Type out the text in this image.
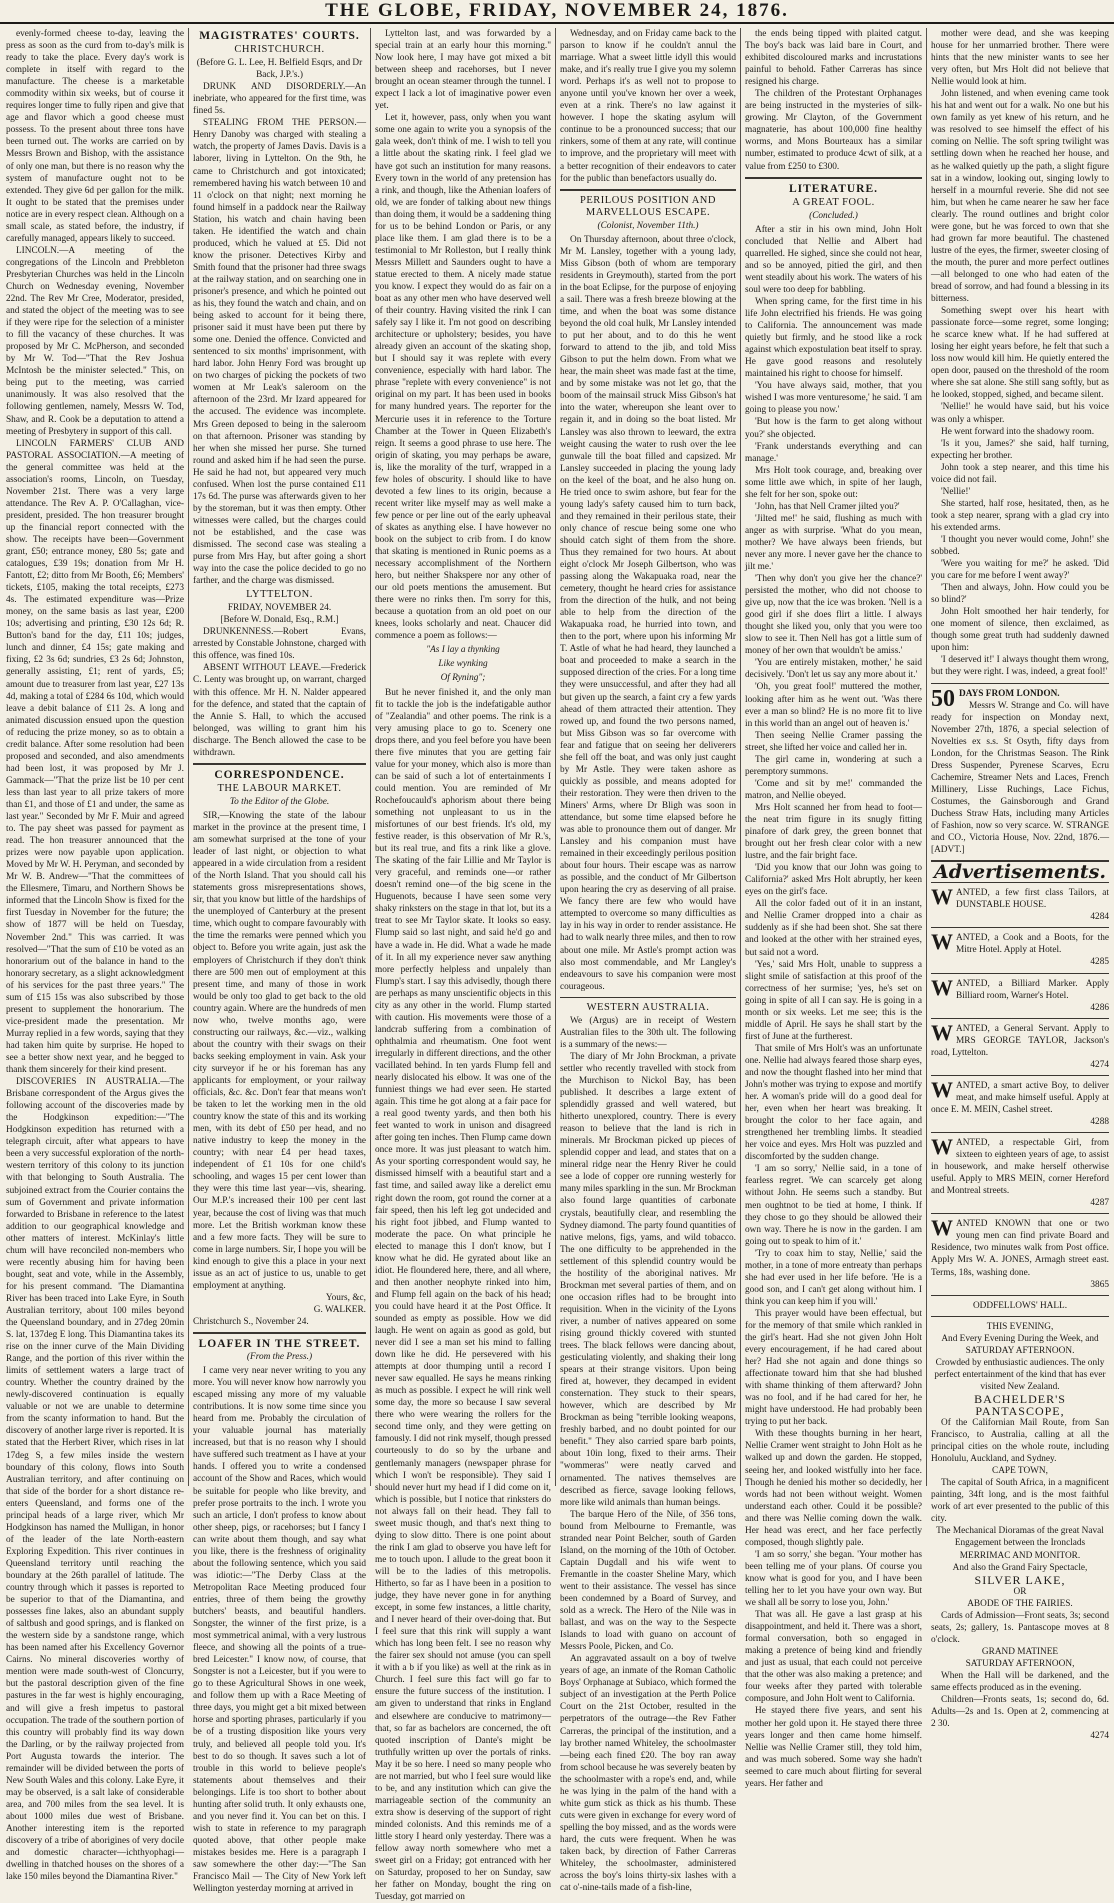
THE GLOBE, FRIDAY, NOVEMBER 24, 1876.

evenly-formed cheese to-day, leaving the press as soon as the curd from to-day's milk is ready to take the place. Every day's work is complete in itself with regard to the manufacture. The cheese is a marketable commodity within six weeks, but of course it requires longer time to fully ripen and give that age and flavor which a good cheese must possess. To the present about three tons have been turned out. The works are carried on by Messrs Brown and Bishop, with the assistance of only one man, but there is no reason why the system of manufacture ought not to be extended. They give 6d per gallon for the milk. It ought to be stated that the premises under notice are in every respect clean. Although on a small scale, as stated before, the industry, if carefully managed, appears likely to succeed.

LINCOLN.—A meeting of the congregations of the Lincoln and Prebbleton Presbyterian Churches was held in the Lincoln Church on Wednesday evening, November 22nd. The Rev Mr Cree, Moderator, presided, and stated the object of the meeting was to see if they were ripe for the selection of a minister to fill the vacancy of these churches. It was proposed by Mr C. McPherson, and seconded by Mr W. Tod—"That the Rev Joshua McIntosh be the minister selected." This, on being put to the meeting, was carried unanimously. It was also resolved that the following gentlemen, namely, Messrs W. Tod, Shaw, and R. Cook be a deputation to attend a meeting of Presbytery in support of this call.

LINCOLN FARMERS' CLUB AND PASTORAL ASSOCIATION.—A meeting of the general committee was held at the association's rooms, Lincoln, on Tuesday, November 21st. There was a very large attendance. The Rev A. P. O'Callaghan, vice-president, presided. The hon treasurer brought up the financial report connected with the show. The receipts have been—Government grant, £50; entrance money, £80 5s; gate and catalogues, £39 19s; donation from Mr H. Fantott, £2; ditto from Mr Booth, £6; Members' tickets, £105, making the total receipts, £273 4s. The estimated expenditure was—Prize money, on the same basis as last year, £200 10s; advertising and printing, £30 12s 6d; R. Button's band for the day, £11 10s; judges, lunch and dinner, £4 15s; gate making and fixing, £2 3s 6d; sundries, £3 2s 6d; Johnston, generally assisting, £1; rent of yards, £5; amount due to treasurer from last year, £27 13s 4d, making a total of £284 6s 10d, which would leave a debit balance of £11 2s. A long and animated discussion ensued upon the question of reducing the prize money, so as to obtain a credit balance. After some resolution had been proposed and seconded, and also amendments had been lost, it was proposed by Mr J. Gammack—"That the prize list be 10 per cent less than last year to all prize takers of more than £1, and those of £1 and under, the same as last year." Seconded by Mr F. Muir and agreed to. The pay sheet was passed for payment as read. The hon treasurer announced that the prizes were now payable upon application. Moved by Mr W. H. Peryman, and seconded by Mr W. B. Andrew—"That the committees of the Ellesmere, Timaru, and Northern Shows be informed that the Lincoln Show is fixed for the first Tuesday in November for the future; the show of 1877 will be held on Tuesday, November 2nd." This was carried. It was resolved—"That the sum of £10 be voted as an honorarium out of the balance in hand to the honorary secretary, as a slight acknowledgment of his services for the past three years." The sum of £15 15s was also subscribed by those present to supplement the honorarium. The vice-president made the presentation. Mr Murray replied in a few words, saying that they had taken him quite by surprise. He hoped to see a better show next year, and he begged to thank them sincerely for their kind present.

DISCOVERIES IN AUSTRALIA.—The Brisbane correspondent of the Argus gives the following account of the discoveries made by the Hodgkinson expedition:—"The Hodgkinson expedition has returned with a telegraph circuit, after what appears to have been a very successful exploration of the north-western territory of this colony to its junction with that belonging to South Australia. The subjoined extract from the Courier contains the sum of Government and private information forwarded to Brisbane in reference to the latest addition to our geographical knowledge and other matters of interest. McKinlay's little chum will have reconciled non-members who were recently abusing him for having been bought, seat and vote, while in the Assembly, for his present command. 'The Diamantina River has been traced into Lake Eyre, in South Australian territory, about 100 miles beyond the Queensland boundary, and in 27deg 20min S. lat, 137deg E long. This Diamantina takes its rise on the inner curve of the Main Dividing Range, and the portion of this river within the limits of settlement waters a large tract of country. Whether the country drained by the newly-discovered continuation is equally valuable or not we are unable to determine from the scanty information to hand. But the discovery of another large river is reported. It is stated that the Herbert River, which rises in lat 17deg S, a few miles inside the western boundary of this colony, flows into South Australian territory, and after continuing on that side of the border for a short distance re-enters Queensland, and forms one of the principal heads of a large river, which Mr Hodgkinson has named the Mulligan, in honor of the leader of the late North-eastern Exploring Expedition. This river continues in Queensland territory until reaching the boundary at the 26th parallel of latitude. The country through which it passes is reported to be superior to that of the Diamantina, and possesses fine lakes, also an abundant supply of saltbush and good springs, and is flanked on the western side by a sandstone range, which has been named after his Excellency Governor Cairns. No mineral discoveries worthy of mention were made south-west of Cloncurry, but the pastoral description given of the fine pastures in the far west is highly encouraging, and will give a fresh impetus to pastoral occupation. The trade of the southern portion of this country will probably find its way down the Darling, or by the railway projected from Port Augusta towards the interior. The remainder will be divided between the ports of New South Wales and this colony. Lake Eyre, it may be observed, is a salt lake of considerable area, and 700 miles from the sea level. It is about 1000 miles due west of Brisbane. Another interesting item is the reported discovery of a tribe of aborigines of very docile and domestic character—ichthyophagi—dwelling in thatched houses on the shores of a lake 150 miles beyond the Diamantina River."

MAGISTRATES' COURTS.
CHRISTCHURCH.
(Before G. L. Lee, H. Belfield Esqrs, and Dr Back, J.P.'s.)

DRUNK AND DISORDERLY.—An inebriate, who appeared for the first time, was fined 5s.

STEALING FROM THE PERSON.—Henry Danoby was charged with stealing a watch, the property of James Davis. Davis is a laborer, living in Lyttelton. On the 9th, he came to Christchurch and got intoxicated; remembered having his watch between 10 and 11 o'clock on that night; next morning he found himself in a paddock near the Railway Station, his watch and chain having been taken. He identified the watch and chain produced, which he valued at £5. Did not know the prisoner. Detectives Kirby and Smith found that the prisoner had three swags at the railway station, and on searching one in prisoner's presence, and which he pointed out as his, they found the watch and chain, and on being asked to account for it being there, prisoner said it must have been put there by some one. Denied the offence. Convicted and sentenced to six months' imprisonment, with hard labor. John Henry Ford was brought up on two charges of picking the pockets of two women at Mr Leak's saleroom on the afternoon of the 23rd. Mr Izard appeared for the accused. The evidence was incomplete. Mrs Green deposed to being in the saleroom on that afternoon. Prisoner was standing by her when she missed her purse. She turned round and asked him if he had seen the purse. He said he had not, but appeared very much confused. When lost the purse contained £11 17s 6d. The purse was afterwards given to her by the storeman, but it was then empty. Other witnesses were called, but the charges could not be established, and the case was dismissed. The second case was stealing a purse from Mrs Hay, but after going a short way into the case the police decided to go no farther, and the charge was dismissed.

LYTTELTON.
FRIDAY, NOVEMBER 24.
[Before W. Donald, Esq., R.M.]

DRUNKENNESS.—Robert Evans, arrested by Constable Johnstone, charged with this offence, was fined 10s.

ABSENT WITHOUT LEAVE.—Frederick C. Lenty was brought up, on warrant, charged with this offence. Mr H. N. Nalder appeared for the defence, and stated that the captain of the Annie S. Hall, to which the accused belonged, was willing to grant him his discharge. The Bench allowed the case to be withdrawn.

CORRESPONDENCE.
THE LABOUR MARKET.
To the Editor of the Globe.

SIR,—Knowing the state of the labour market in the province at the present time, I am somewhat surprised at the tone of your leader of last night, or objection to what appeared in a wide circulation from a resident of the North Island. That you should call his statements gross misrepresentations shows, sir, that you know but little of the hardships of the unemployed of Canterbury at the present time, which ought to compare favourably with the time the remarks were penned which you object to. Before you write again, just ask the employers of Christchurch if they don't think there are 500 men out of employment at this present time, and many of those in work would be only too glad to get back to the old country again. Where are the hundreds of men now who, twelve months ago, were constructing our railways, &c.—viz., walking about the country with their swags on their backs seeking employment in vain. Ask your city surveyor if he or his foreman has any applicants for employment, or your railway officials, &c. &c. Don't fear that means won't be taken to let the working men in the old country know the state of this and its working men, with its debt of £50 per head, and no native industry to keep the money in the country; with near £4 per head taxes, independent of £1 10s for one child's schooling, and wages 15 per cent lower than they were this time last year—vis, shearing. Our M.P.'s increased their 100 per cent last year, because the cost of living was that much more. Let the British workman know these and a few more facts. They will be sure to come in large numbers. Sir, I hope you will be kind enough to give this a place in your next issue as an act of justice to us, unable to get employment at anything.

Yours, &c,
G. WALKER.
Christchurch S., November 24.
LOAFER IN THE STREET.
(From the Press.)

I came very near never writing to you any more. You will never know how narrowly you escaped missing any more of my valuable contributions. It is now some time since you heard from me. Probably the circulation of your valuable journal has materially increased, but that is no reason why I should have suffered such treatment as I have at your hands. I offered you to write a condensed account of the Show and Races, which would be suitable for people who like brevity, and prefer prose portraits to the inch. I wrote you such an article, I don't profess to know about other sheep, pigs, or racehorses; but I fancy I can write about them though, and say what you like, there is the freshness of originality about the following sentence, which you said was idiotic:—"The Derby Class at the Metropolitan Race Meeting produced four entries, three of them being the growthy butchers' beasts, and beautiful handlers. Songster, the winner of the first prize, is a most symmetrical animal, with a very lustrous fleece, and showing all the points of a true-bred Leicester." I know now, of course, that Songster is not a Leicester, but if you were to go to these Agricultural Shows in one week, and follow them up with a Race Meeting of three days, you might get a bit mixed between horse and sporting phrases, particularly if you be of a trusting disposition like yours very truly, and believed all people told you. It's best to do so though. It saves such a lot of trouble in this world to believe people's statements about themselves and their belongings. Life is too short to bother about hunting after solid truth. It only exhausts one, and you never find it. You can bet on this. I wish to state in reference to my paragraph quoted above, that other people make mistakes besides me. Here is a paragraph I saw somewhere the other day:—"The San Francisco Mail — The City of New York left Wellington yesterday morning at arrived in

Lyttelton last, and was forwarded by a special train at an early hour this morning." Now look here, I may have got mixed a bit between sheep and racehorses, but I never brought an ocean steamer through the tunnel. I expect I lack a lot of imaginative power even yet.

Let it, however, pass, only when you want some one again to write you a synopsis of the gala week, don't think of me. I wish to tell you a little about the skating rink. I feel glad we have got such an institution for many reasons. Every town in the world of any pretension has a rink, and though, like the Athenian loafers of old, we are fonder of talking about new things than doing them, it would be a saddening thing for us to be behind London or Paris, or any place like them. I am glad there is to be a testimonial to Mr Rolleston, but I really think Messrs Millett and Saunders ought to have a statue erected to them. A nicely made statue you know. I expect they would do as fair on a boat as any other men who have deserved well of their country. Having visited the rink I can safely say I like it. I'm not good on describing architecture or upholstery; besides, you have already given an account of the skating shop, but I should say it was replete with every convenience, especially with hard labor. The phrase "replete with every convenience" is not original on my part. It has been used in books for many hundred years. The reporter for the Mercurie uses it in reference to the Torture Chamber at the Tower in Queen Elizabeth's reign. It seems a good phrase to use here. The origin of skating, you may perhaps be aware, is, like the morality of the turf, wrapped in a few holes of obscurity. I should like to have devoted a few lines to its origin, because a recent writer like myself may as well make a few pence or per line out of the early upheaval of skates as anything else. I have however no book on the subject to crib from. I do know that skating is mentioned in Runic poems as a necessary accomplishment of the Northern hero, but neither Shakspere nor any other of our old poets mentions the amusement. But there were no rinks then. I'm sorry for this, because a quotation from an old poet on our knees, looks scholarly and neat. Chaucer did commence a poem as follows:—

"As I lay a thynking
Like wynking
Of Ryning";

But he never finished it, and the only man fit to tackle the job is the indefatigable author of "Zealandia" and other poems. The rink is a very amusing place to go to. Scenery one drops there, and you feel before you have been there five minutes that you are getting fair value for your money, which also is more than can be said of such a lot of entertainments I could mention. You are reminded of Mr Rochefoucauld's aphorism about there being something not unpleasant to us in the misfortunes of our best friends. It's old, my festive reader, is this observation of Mr R.'s, but its real true, and fits a rink like a glove. The skating of the fair Lillie and Mr Taylor is very graceful, and reminds one—or rather doesn't remind one—of the big scene in the Huguenots, because I have seen some very shaky rinksters on the stage in that lot, but its a treat to see Mr Taylor skate. It looks so easy. Flump said so last night, and said he'd go and have a wade in. He did. What a wade he made of it. In all my experience never saw anything more perfectly helpless and unpalely than Flump's start. I say this advisedly, though there are perhaps as many unscientific objects in this city as any other in the world. Flump started with caution. His movements were those of a landcrab suffering from a combination of ophthalmia and rheumatism. One foot went irregularly in different directions, and the other vacillated behind. In ten yards Flump fell and nearly dislocated his elbow. It was one of the funniest things we had ever seen. He started again. This time he got along at a fair pace for a real good twenty yards, and then both his feet wanted to work in unison and disagreed after going ten inches. Then Flump came down once more. It was just pleasant to watch him. As your sporting correspondent would say, he dismissed himself with a beautiful start and a fast time, and sailed away like a derelict emu right down the room, got round the corner at a fair speed, then his left leg got undecided and his right foot jibbed, and Flump wanted to moderate the pace. On what principle he elected to manage this I don't know, but I know what he did. He gyrated about like an idiot. He floundered here, there, and all where, and then another neophyte rinked into him, and Flump fell again on the back of his head; you could have heard it at the Post Office. It sounded as empty as possible. How we did laugh. He went on again as good as gold, but never did I see a man set his mind to falling down like he did. He persevered with his attempts at door thumping until a record I never saw equalled. He says he means rinking as much as possible. I expect he will rink well some day, the more so because I saw several there who were wearing the rollers for the second time only, and they were getting on famously. I did not rink myself, though pressed courteously to do so by the urbane and gentlemanly managers (newspaper phrase for which I won't be responsible). They said I should never hurt my head if I did come on it, which is possible, but I notice that rinksters do not always fall on their head. They fall to sweet music though, and that's next thing to dying to slow ditto. There is one point about the rink I am glad to observe you have left for me to touch upon. I allude to the great boon it will be to the ladies of this metropolis. Hitherto, so far as I have been in a position to judge, they have never gone in for anything except, in some few instances, a little charity, and I never heard of their over-doing that. But I feel sure that this rink will supply a want which has long been felt. I see no reason why the fairer sex should not amuse (you can spell it with a b if you like) as well at the rink as in Church. I feel sure this fact will go far to ensure the future success of the institution. I am given to understand that rinks in England and elsewhere are conducive to matrimony—that, so far as bachelors are concerned, the oft quoted inscription of Dante's might be truthfully written up over the portals of rinks. May it be so here. I need so many people who are not married, but who I feel sure would like to be, and any institution which can give the marriageable section of the community an extra show is deserving of the support of right minded colonists. And this reminds me of a little story I heard only yesterday. There was a fellow away north somewhere who met a sweet girl on a Friday; got entranced with her on Saturday, proposed to her on Sunday, saw her father on Monday, bought the ring on Tuesday, got married on

Wednesday, and on Friday came back to the parson to know if he couldn't annul the marriage. What a sweet little idyll this would make, and it's really true I give you my solemn word. Perhaps it's as well not to propose to anyone until you've known her over a week, even at a rink. There's no law against it however. I hope the skating asylum will continue to be a pronounced success; that our rinkers, some of them at any rate, will continue to improve, and the proprietary will meet with a better recognition of their endeavors to cater for the public than benefactors usually do.

PERILOUS POSITION AND MARVELLOUS ESCAPE.
(Colonist, November 11th.)

On Thursday afternoon, about three o'clock, Mr M. Lansley, together with a young lady, Miss Gibson (both of whom are temporary residents in Greymouth), started from the port in the boat Eclipse, for the purpose of enjoying a sail. There was a fresh breeze blowing at the time, and when the boat was some distance beyond the old coal hulk, Mr Lansley intended to put her about, and to do this he went forward to attend to the jib, and told Miss Gibson to put the helm down. From what we hear, the main sheet was made fast at the time, and by some mistake was not let go, that the boom of the mainsail struck Miss Gibson's hat into the water, whereupon she leant over to regain it, and in doing so the boat listed. Mr Lansley was also thrown to leeward, the extra weight causing the water to rush over the lee gunwale till the boat filled and capsized. Mr Lansley succeeded in placing the young lady on the keel of the boat, and he also hung on. He tried once to swim ashore, but fear for the young lady's safety caused him to turn back, and they remained in their perilous state, their only chance of rescue being some one who should catch sight of them from the shore. Thus they remained for two hours. At about eight o'clock Mr Joseph Gilbertson, who was passing along the Wakapuaka road, near the cemetery, thought he heard cries for assistance from the direction of the hulk, and not being able to help from the direction of the Wakapuaka road, he hurried into town, and then to the port, where upon his informing Mr T. Astle of what he had heard, they launched a boat and proceeded to make a search in the supposed direction of the cries. For a long time they were unsuccessful, and after they had all but given up the search, a faint cry a few yards ahead of them attracted their attention. They rowed up, and found the two persons named, but Miss Gibson was so far overcome with fear and fatigue that on seeing her deliverers she fell off the boat, and was only just caught by Mr Astle. They were taken ashore as quickly as possible, and means adopted for their restoration. They were then driven to the Miners' Arms, where Dr Bligh was soon in attendance, but some time elapsed before he was able to pronounce them out of danger. Mr Lansley and his companion must have remained in their exceedingly perilous position about four hours. Their escape was as narrow as possible, and the conduct of Mr Gilbertson upon hearing the cry as deserving of all praise. We fancy there are few who would have attempted to overcome so many difficulties as lay in his way in order to render assistance. He had to walk nearly three miles, and then to row about one mile. Mr Astle's prompt action was also most commendable, and Mr Langley's endeavours to save his companion were most courageous.

WESTERN AUSTRALIA.

We (Argus) are in receipt of Western Australian files to the 30th ult. The following is a summary of the news:—

The diary of Mr John Brockman, a private settler who recently travelled with stock from the Murchison to Nickol Bay, has been published. It describes a large extent of splendidly grassed and well watered, but hitherto unexplored, country. There is every reason to believe that the land is rich in minerals. Mr Brockman picked up pieces of splendid copper and lead, and states that on a mineral ridge near the Henry River he could see a lode of copper ore running westerly for many miles sparkling in the sun. Mr Brockman also found large quantities of carbonate crystals, beautifully clear, and resembling the Sydney diamond. The party found quantities of native melons, figs, yams, and wild tobacco. The one difficulty to be apprehended in the settlement of this splendid country would be the hostility of the aboriginal natives. Mr Brockman met several parties of them, and on one occasion rifles had to be brought into requisition. When in the vicinity of the Lyons river, a number of natives appeared on some rising ground thickly covered with stunted trees. The black fellows were dancing about, gesticulating violently, and shaking their long spears at their strange visitors. Upon being fired at, however, they decamped in evident consternation. They stuck to their spears, however, which are described by Mr Brockman as being "terrible looking weapons, freshly barbed, and no doubt pointed for our benefit." They also carried spare barb points, about 10in long, fixed to their arms. Their "wommeras" were neatly carved and ornamented. The natives themselves are described as fierce, savage looking fellows, more like wild animals than human beings.

The barque Hero of the Nile, of 356 tons, bound from Melbourne to Fremantle, was stranded near Point Belcher, south of Garden Island, on the morning of the 10th of October. Captain Dugdall and his wife went to Fremantle in the coaster Sheline Mary, which went to their assistance. The vessel has since been condemned by a Board of Survey, and sold as a wreck. The Hero of the Nile was in ballast, and was on the way to the Sespecte Islands to load with guano on account of Messrs Poole, Picken, and Co.

An aggravated assault on a boy of twelve years of age, an inmate of the Roman Catholic Boys' Orphanage at Subiaco, which formed the subject of an investigation at the Perth Police Court on the 21st October, resulted in the perpetrators of the outrage—the Rev Father Carreras, the principal of the institution, and a lay brother named Whiteley, the schoolmaster—being each fined £20. The boy ran away from school because he was severely beaten by the schoolmaster with a rope's end, and, while he was lying in the palm of the hand with a white gum stick as thick as his thumb. These cuts were given in exchange for every word of spelling the boy missed, and as the words were hard, the cuts were frequent. When he was taken back, by direction of Father Carreras Whiteley, the schoolmaster, administered across the boy's loins thirty-six lashes with a cat o'-nine-tails made of a fish-line,

the ends being tipped with plaited catgut. The boy's back was laid bare in Court, and exhibited discoloured marks and incrustations painful to behold. Father Carreras has since resigned his charge.

The children of the Protestant Orphanages are being instructed in the mysteries of silk-growing. Mr Clayton, of the Government magnaterie, has about 100,000 fine healthy worms, and Mons Bourteaux has a similar number, estimated to produce 4cwt of silk, at a value from £250 to £300.

LITERATURE.
A GREAT FOOL.
(Concluded.)

After a stir in his own mind, John Holt concluded that Nellie and Albert had quarrelled. He sighed, since she could not hear, and so be annoyed, pitied the girl, and then went steadily about his work. The waters of his soul were too deep for babbling.

When spring came, for the first time in his life John electrified his friends. He was going to California. The announcement was made quietly but firmly, and he stood like a rock against which expostulation beat itself to spray. He gave good reasons and resolutely maintained his right to choose for himself.

'You have always said, mother, that you wished I was more venturesome,' he said. 'I am going to please you now.'

'But how is the farm to get along without you?' she objected.

'Frank understands everything and can manage.'

Mrs Holt took courage, and, breaking over some little awe which, in spite of her laugh, she felt for her son, spoke out:

'John, has that Nell Cramer jilted you?'

'Jilted me!' he said, flushing as much with anger as with surprise. 'What do you mean, mother? We have always been friends, but never any more. I never gave her the chance to jilt me.'

'Then why don't you give her the chance?' persisted the mother, who did not choose to give up, now that the ice was broken. 'Nell is a good girl if she does flirt a little. I always thought she liked you, only that you were too slow to see it. Then Nell has got a little sum of money of her own that wouldn't be amiss.'

'You are entirely mistaken, mother,' he said decisively. 'Don't let us say any more about it.'

'Oh, you great fool!' muttered the mother, looking after him as he went out. 'Was there ever a man so blind? He is no more fit to live in this world than an angel out of heaven is.'

Then seeing Nellie Cramer passing the street, she lifted her voice and called her in.

The girl came in, wondering at such a peremptory summons.

'Come and sit by me!' commanded the matron, and Nellie obeyed.

Mrs Holt scanned her from head to foot—the neat trim figure in its snugly fitting pinafore of dark grey, the green bonnet that brought out her fresh clear color with a new lustre, and the fair bright face.

'Did you know that our John was going to California?' asked Mrs Holt abruptly, her keen eyes on the girl's face.

All the color faded out of it in an instant, and Nellie Cramer dropped into a chair as suddenly as if she had been shot. She sat there and looked at the other with her strained eyes, but said not a word.

'Yes,' said Mrs Holt, unable to suppress a slight smile of satisfaction at this proof of the correctness of her surmise; 'yes, he's set on going in spite of all I can say. He is going in a month or six weeks. Let me see; this is the middle of April. He says he shall start by the first of June at the furtherest.

That smile of Mrs Holt's was an unfortunate one. Nellie had always feared those sharp eyes, and now the thought flashed into her mind that John's mother was trying to expose and mortify her. A woman's pride will do a good deal for her, even when her heart was breaking. It brought the color to her face again, and strengthened her trembling limbs. It steadied her voice and eyes. Mrs Holt was puzzled and discomforted by the sudden change.

'I am so sorry,' Nellie said, in a tone of fearless regret. 'We can scarcely get along without John. He seems such a standby. But men oughtnot to be tied at home, I think. If they chose to go they should be allowed their own way. There he is now in the garden. I am going out to speak to him of it.'

'Try to coax him to stay, Nellie,' said the mother, in a tone of more entreaty than perhaps she had ever used in her life before. 'He is a good son, and I can't get along without him. I think you can keep him if you will.'

This prayer would have been effectual, but for the memory of that smile which rankled in the girl's heart. Had she not given John Holt every encouragement, if he had cared about her? Had she not again and done things so affectionate toward him that she had blushed with shame thinking of them afterward? John was no fool, and if he had cared for her, he might have understood. He had probably been trying to put her back.

With these thoughts burning in her heart, Nellie Cramer went straight to John Holt as he walked up and down the garden. He stopped, seeing her, and looked wistfully into her face. Though he denied his mother so decidedly, her words had not been without weight. Women understand each other. Could it be possible? and there was Nellie coming down the walk. Her head was erect, and her face perfectly composed, though slightly pale.

'I am so sorry,' she began. 'Your mother has been telling me of your plans. Of course you know what is good for you, and I have been telling her to let you have your own way. But we shall all be sorry to lose you, John.'

That was all. He gave a last grasp at his disappointment, and held it. There was a short, formal conversation, both so engaged in making a pretence of being kind and friendly and just as usual, that each could not perceive that the other was also making a pretence; and four weeks after they parted with tolerable composure, and John Holt went to California.

He stayed there five years, and sent his mother her gold upon it. He stayed there three years longer and then came home himself. Nellie was Nellie Cramer still, they told him, and was much sobered. Some way she hadn't seemed to care much about flirting for several years. Her father and

mother were dead, and she was keeping house for her unmarried brother. There were hints that the new minister wants to see her very often, but Mrs Holt did not believe that Nellie would look at him.

John listened, and when evening came took his hat and went out for a walk. No one but his own family as yet knew of his return, and he was resolved to see himself the effect of his coming on Nellie. The soft spring twilight was settling down when he reached her house, and as he walked quietly up the path, a slight figure sat in a window, looking out, singing lowly to herself in a mournful reverie. She did not see him, but when he came nearer he saw her face clearly. The round outlines and bright color were gone, but he was forced to own that she had grown far more beautiful. The chastened lustre of the eyes, the firmer, sweeter closing of the mouth, the purer and more perfect outlines—all belonged to one who had eaten of the bread of sorrow, and had found a blessing in its bitterness.

Something swept over his heart with passionate force—some regret, some longing; he scarce knew what. If he had suffered at losing her eight years before, he felt that such a loss now would kill him. He quietly entered the open door, paused on the threshold of the room where she sat alone. She still sang softly, but as he looked, stopped, sighed, and became silent.

'Nellie!' he would have said, but his voice was only a whisper.

He went forward into the shadowy room.

'Is it you, James?' she said, half turning, expecting her brother.

John took a step nearer, and this time his voice did not fail.

'Nellie!'

She started, half rose, hesitated, then, as he took a step nearer, sprang with a glad cry into his extended arms.

'I thought you never would come, John!' she sobbed.

'Were you waiting for me?' he asked. 'Did you care for me before I went away?'

'Then and always, John. How could you be so blind?'

John Holt smoothed her hair tenderly, for one moment of silence, then exclaimed, as though some great truth had suddenly dawned upon him:

'I deserved it!' I always thought them wrong, but they were right. I was, indeed, a great fool!'

50 DAYS FROM LONDON.

Messrs W. Strange and Co. will have ready for inspection on Monday next, November 27th, 1876, a special selection of Novelties ex s.s. St Osyth, fifty days from London, for the Christmas Season. The Rink Dress Suspender, Pyrenese Scarves, Ecru Cachemire, Streamer Nets and Laces, French Millinery, Lisse Ruchings, Lace Fichus, Costumes, the Gainsborough and Grand Duchess Straw Hats, including many Articles of Fashion, now so very scarce. W. STRANGE and CO., Victoria House, Nov. 22nd, 1876.—[ADVT.]

Advertisements.
WANTED, a few first class Tailors, at DUNSTABLE HOUSE.
4284
WANTED, a Cook and a Boots, for the Mitre Hotel. Apply at Hotel.
4285
WANTED, a Billiard Marker. Apply Billiard room, Warner's Hotel.
4286
WANTED, a General Servant. Apply to MRS GEORGE TAYLOR, Jackson's road, Lyttelton.
4274
WANTED, a smart active Boy, to deliver meat, and make himself useful. Apply at once E. M. MEIN, Cashel street.
4288
WANTED, a respectable Girl, from sixteen to eighteen years of age, to assist in housework, and make herself otherwise useful. Apply to MRS MEIN, corner Hereford and Montreal streets.
4287
WANTED KNOWN that one or two young men can find private Board and Residence, two minutes walk from Post office. Apply Mrs W. A. JONES, Armagh street east. Terms, 18s, washing done.
3865
ODDFELLOWS' HALL.
THIS EVENING,
And Every Evening During the Week, and SATURDAY AFTERNOON.
Crowded by enthusiastic audiences. The only perfect entertainment of the kind that has ever visited New Zealand.
BACHELDER'S PANTASCOPE,

Of the Californian Mail Route, from San Francisco, to Australia, calling at all the principal cities on the whole route, including Honolulu, Auckland, and Sydney.

CAPE TOWN,

The capital of South Africa, in a magnificent painting, 34ft long, and is the most faithful work of art ever presented to the public of this city.

The Mechanical Dioramas of the great Naval Engagement between the Ironclads
MERRIMAC AND MONITOR.
And also the Grand Fairy Spectacle,
SILVER LAKE,
OR
ABODE OF THE FAIRIES.

Cards of Admission—Front seats, 3s; second seats, 2s; gallery, 1s. Pantascope moves at 8 o'clock.

GRAND MATINEE
SATURDAY AFTERNOON,

When the Hall will be darkened, and the same effects produced as in the evening.

Children—Fronts seats, 1s; second do, 6d. Adults—2s and 1s. Open at 2, commencing at 2 30.

4274
